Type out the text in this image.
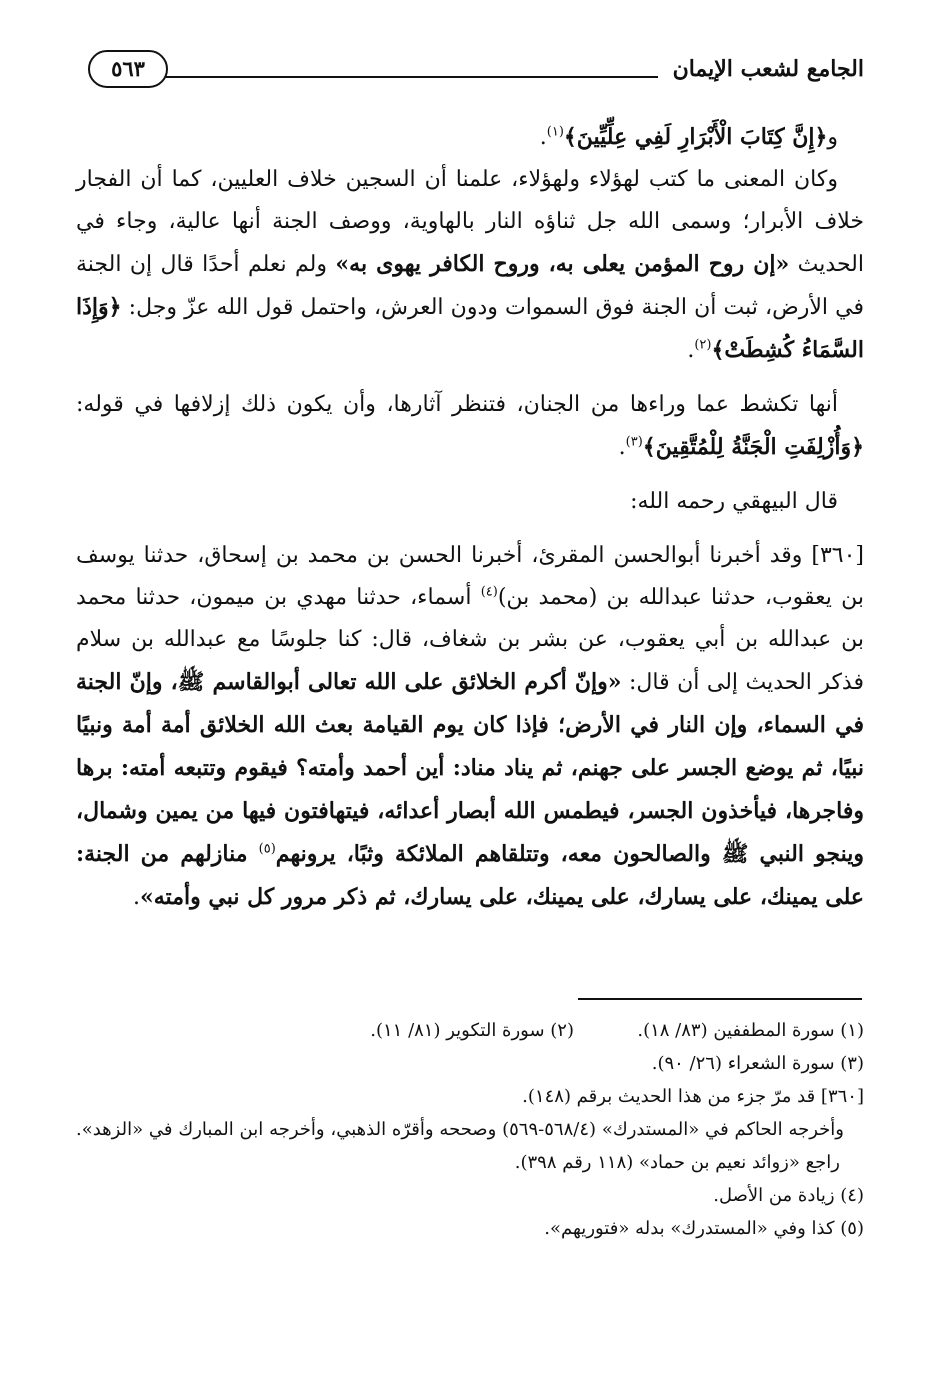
الجامع لشعب الإيمان
٥٦٣

و﴿إِنَّ كِتَابَ الْأَبْرَارِ لَفِي عِلِّيِّينَ﴾$^{(١)}$.

وكان المعنى ما كتب لهؤلاء ولهؤلاء، علمنا أن السجين خلاف العليين، كما أن الفجار خلاف الأبرار؛ وسمى الله جل ثناؤه النار بالهاوية، ووصف الجنة أنها عالية، وجاء في الحديث «إن روح المؤمن يعلى به، وروح الكافر يهوى به» ولم نعلم أحدًا قال إن الجنة في الأرض، ثبت أن الجنة فوق السموات ودون العرش، واحتمل قول الله عزّ وجل: ﴿وَإِذَا السَّمَاءُ كُشِطَتْ﴾$^{(٢)}$.

أنها تكشط عما وراءها من الجنان، فتنظر آثارها، وأن يكون ذلك إزلافها في قوله: ﴿وَأُزْلِفَتِ الْجَنَّةُ لِلْمُتَّقِينَ﴾$^{(٣)}$.

قال البيهقي رحمه الله:

[٣٦٠] وقد أخبرنا أبوالحسن المقرئ، أخبرنا الحسن بن محمد بن إسحاق، حدثنا يوسف بن يعقوب، حدثنا عبدالله بن (محمد بن)$^{(٤)}$ أسماء، حدثنا مهدي بن ميمون، حدثنا محمد بن عبدالله بن أبي يعقوب، عن بشر بن شغاف، قال: كنا جلوسًا مع عبدالله بن سلام فذكر الحديث إلى أن قال: «وإنّ أكرم الخلائق على الله تعالى أبوالقاسم ﷺ، وإنّ الجنة في السماء، وإن النار في الأرض؛ فإذا كان يوم القيامة بعث الله الخلائق أمة أمة ونبيًا نبيًا، ثم يوضع الجسر على جهنم، ثم يناد مناد: أين أحمد وأمته؟ فيقوم وتتبعه أمته: برها وفاجرها، فيأخذون الجسر، فيطمس الله أبصار أعدائه، فيتهافتون فيها من يمين وشمال، وينجو النبي ﷺ والصالحون معه، وتتلقاهم الملائكة وثبًا، يرونهم$^{(٥)}$ منازلهم من الجنة: على يمينك، على يسارك، على يمينك، على يسارك، ثم ذكر مرور كل نبي وأمته».

(١) سورة المطففين (٨٣/ ١٨).
(٢) سورة التكوير (٨١/ ١١).

(٣) سورة الشعراء (٢٦/ ٩٠).

[٣٦٠] قد مرّ جزء من هذا الحديث برقم (١٤٨).

وأخرجه الحاكم في «المستدرك» (٥٦٨/٤-٥٦٩) وصححه وأقرّه الذهبي، وأخرجه ابن المبارك في «الزهد». راجع «زوائد نعيم بن حماد» (١١٨ رقم ٣٩٨).

(٤) زيادة من الأصل.

(٥) كذا وفي «المستدرك» بدله «فتوريهم».
